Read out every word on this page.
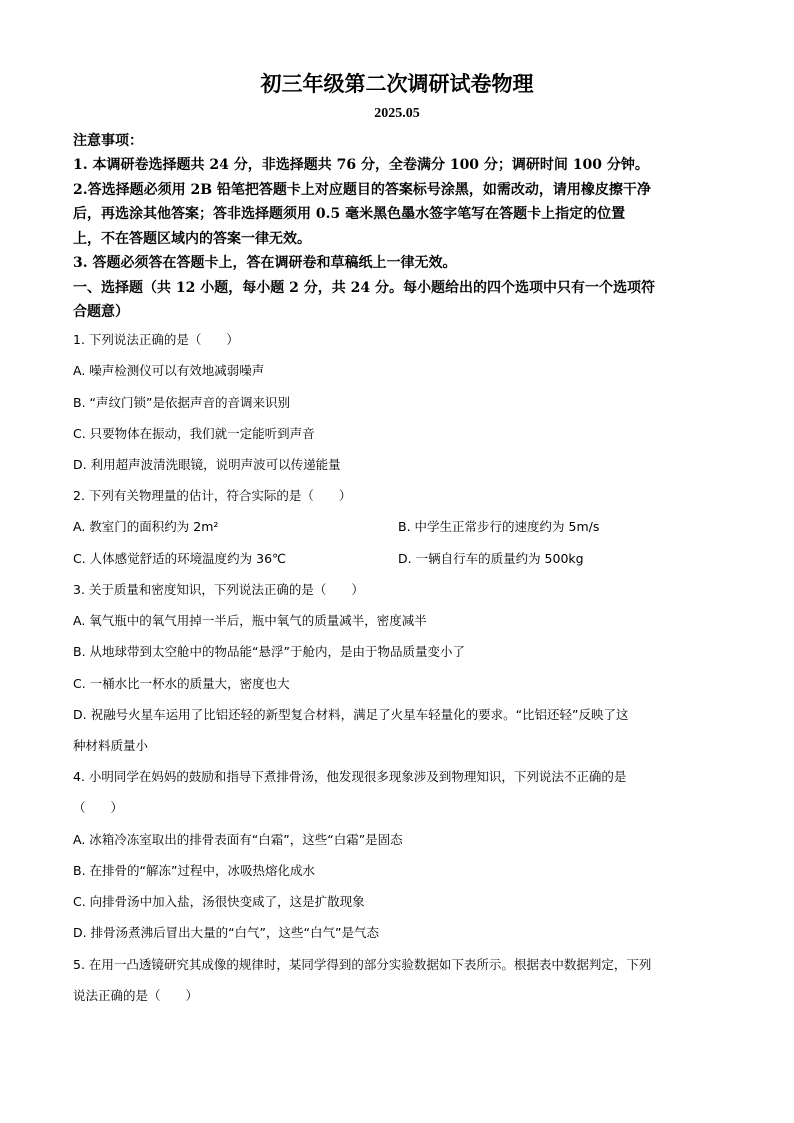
初三年级第二次调研试卷物理
2025.05
注意事项：
1. 本调研卷选择题共 24 分，非选择题共 76 分，全卷满分 100 分；调研时间 100 分钟。
2.答选择题必须用 2B 铅笔把答题卡上对应题目的答案标号涂黑，如需改动，请用橡皮擦干净
后，再选涂其他答案；答非选择题须用 0.5 毫米黑色墨水签字笔写在答题卡上指定的位置
上，不在答题区域内的答案一律无效。
3. 答题必须答在答题卡上，答在调研卷和草稿纸上一律无效。
一、选择题（共 12 小题，每小题 2 分，共 24 分。每小题给出的四个选项中只有一个选项符
合题意）
1. 下列说法正确的是（　　）
A. 噪声检测仪可以有效地减弱噪声
B. “声纹门锁”是依据声音的音调来识别
C. 只要物体在振动，我们就一定能听到声音
D. 利用超声波清洗眼镜，说明声波可以传递能量
2. 下列有关物理量的估计，符合实际的是（　　）
A. 教室门的面积约为 2m²	B. 中学生正常步行的速度约为 5m/s
C. 人体感觉舒适的环境温度约为 36℃	D. 一辆自行车的质量约为 500kg
3. 关于质量和密度知识，下列说法正确的是（　　）
A. 氧气瓶中的氧气用掉一半后，瓶中氧气的质量减半，密度减半
B. 从地球带到太空舱中的物品能“悬浮”于舱内，是由于物品质量变小了
C. 一桶水比一杯水的质量大，密度也大
D. 祝融号火星车运用了比铝还轻的新型复合材料，满足了火星车轻量化的要求。“比铝还轻”反映了这
种材料质量小
4. 小明同学在妈妈的鼓励和指导下煮排骨汤，他发现很多现象涉及到物理知识，下列说法不正确的是
（　　）
A. 冰箱冷冻室取出的排骨表面有“白霜”，这些“白霜”是固态
B. 在排骨的“解冻”过程中，冰吸热熔化成水
C. 向排骨汤中加入盐，汤很快变咸了，这是扩散现象
D. 排骨汤煮沸后冒出大量的“白气”，这些“白气”是气态
5. 在用一凸透镜研究其成像的规律时，某同学得到的部分实验数据如下表所示。根据表中数据判定，下列
说法正确的是（　　）
